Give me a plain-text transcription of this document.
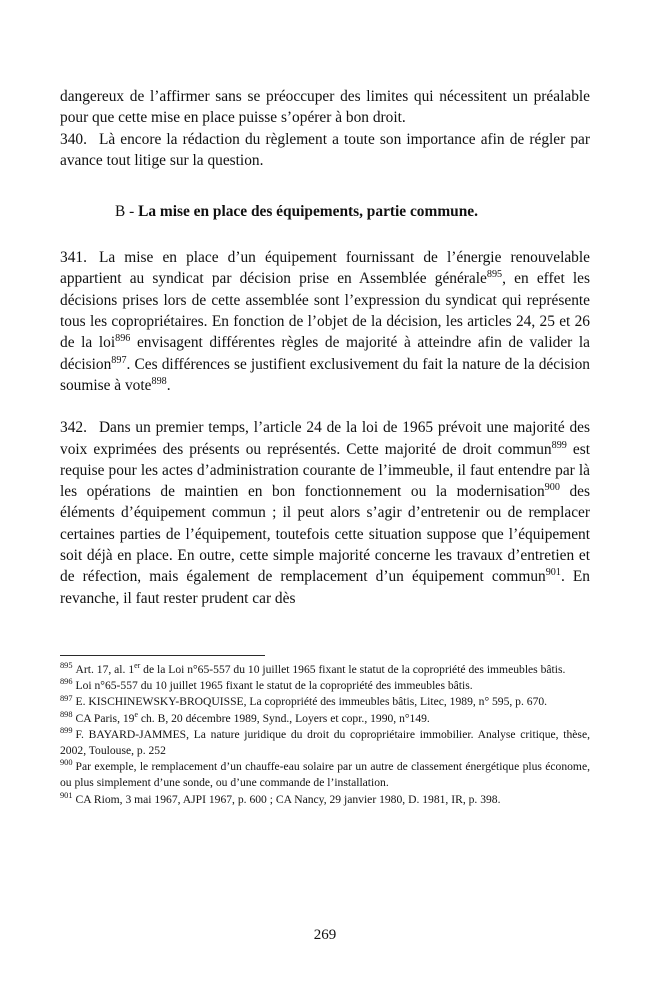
dangereux de l’affirmer sans se préoccuper des limites qui nécessitent un préalable pour que cette mise en place puisse s’opérer à bon droit.

340. Là encore la rédaction du règlement a toute son importance afin de régler par avance tout litige sur la question.

B - La mise en place des équipements, partie commune.

341. La mise en place d’un équipement fournissant de l’énergie renouvelable appartient au syndicat par décision prise en Assemblée générale$^{895}$, en effet les décisions prises lors de cette assemblée sont l’expression du syndicat qui représente tous les copropriétaires. En fonction de l’objet de la décision, les articles 24, 25 et 26 de la loi$^{896}$ envisagent différentes règles de majorité à atteindre afin de valider la décision$^{897}$. Ces différences se justifient exclusivement du fait la nature de la décision soumise à vote$^{898}$.

342. Dans un premier temps, l’article 24 de la loi de 1965 prévoit une majorité des voix exprimées des présents ou représentés. Cette majorité de droit commun$^{899}$ est requise pour les actes d’administration courante de l’immeuble, il faut entendre par là les opérations de maintien en bon fonctionnement ou la modernisation$^{900}$ des éléments d’équipement commun ; il peut alors s’agir d’entretenir ou de remplacer certaines parties de l’équipement, toutefois cette situation suppose que l’équipement soit déjà en place. En outre, cette simple majorité concerne les travaux d’entretien et de réfection, mais également de remplacement d’un équipement commun$^{901}$. En revanche, il faut rester prudent car dès

$^{895}$ Art. 17, al. 1er de la Loi n°65-557 du 10 juillet 1965 fixant le statut de la copropriété des immeubles bâtis.

$^{896}$ Loi n°65-557 du 10 juillet 1965 fixant le statut de la copropriété des immeubles bâtis.

$^{897}$ E. KISCHINEWSKY-BROQUISSE, La copropriété des immeubles bâtis, Litec, 1989, n° 595, p. 670.

$^{898}$ CA Paris, 19e ch. B, 20 décembre 1989, Synd., Loyers et copr., 1990, n°149.

$^{899}$ F. BAYARD-JAMMES, La nature juridique du droit du copropriétaire immobilier. Analyse critique, thèse, 2002, Toulouse, p. 252

$^{900}$ Par exemple, le remplacement d’un chauffe-eau solaire par un autre de classement énergétique plus économe, ou plus simplement d’une sonde, ou d’une commande de l’installation.

$^{901}$ CA Riom, 3 mai 1967, AJPI 1967, p. 600 ; CA Nancy, 29 janvier 1980, D. 1981, IR, p. 398.

269
